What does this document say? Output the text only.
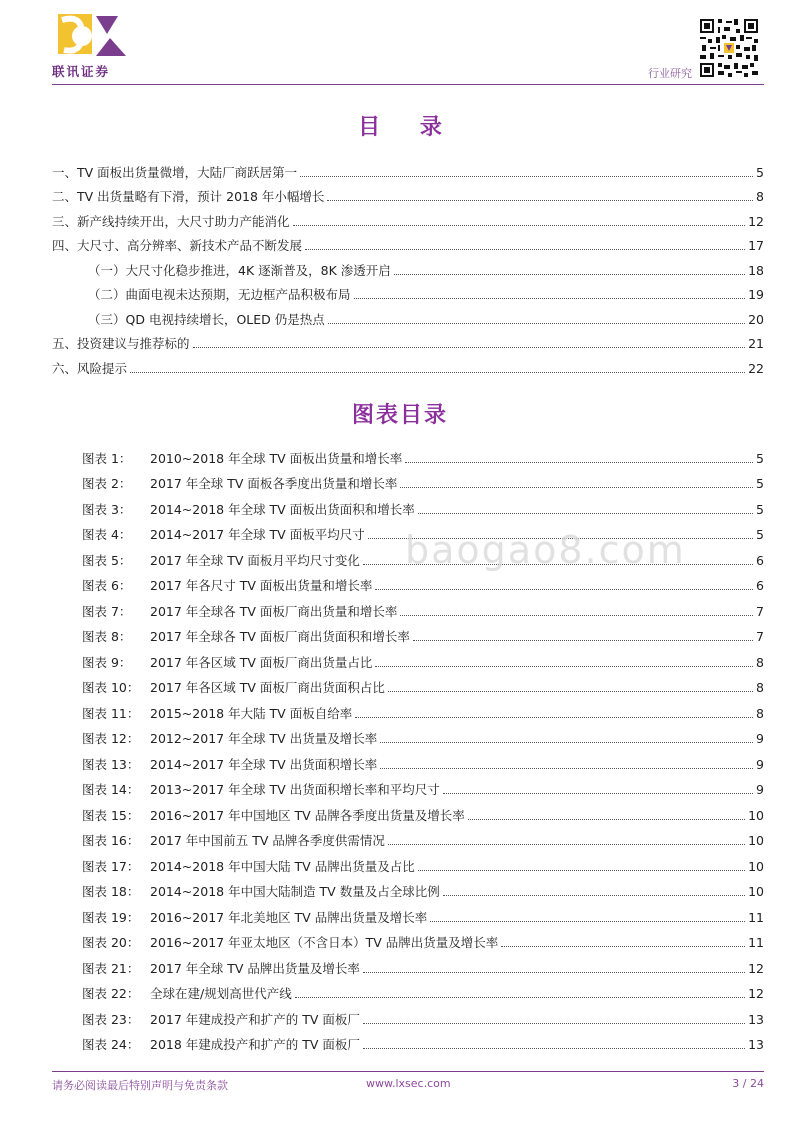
联讯证券	行业研究
目 录
一、TV 面板出货量微增，大陆厂商跃居第一	5
二、TV 出货量略有下滑，预计 2018 年小幅增长	8
三、新产线持续开出，大尺寸助力产能消化	12
四、大尺寸、高分辨率、新技术产品不断发展	17
（一）大尺寸化稳步推进，4K 逐渐普及，8K 渗透开启	18
（二）曲面电视未达预期，无边框产品积极布局	19
（三）QD 电视持续增长，OLED 仍是热点	20
五、投资建议与推荐标的	21
六、风险提示	22
图表目录
图表 1：	2010~2018 年全球 TV 面板出货量和增长率	5
图表 2：	2017 年全球 TV 面板各季度出货量和增长率	5
图表 3：	2014~2018 年全球 TV 面板出货面积和增长率	5
图表 4：	2014~2017 年全球 TV 面板平均尺寸	5
图表 5：	2017 年全球 TV 面板月平均尺寸变化	6
图表 6：	2017 年各尺寸 TV 面板出货量和增长率	6
图表 7：	2017 年全球各 TV 面板厂商出货量和增长率	7
图表 8：	2017 年全球各 TV 面板厂商出货面积和增长率	7
图表 9：	2017 年各区域 TV 面板厂商出货量占比	8
图表 10： 2017 年各区域 TV 面板厂商出货面积占比	8
图表 11： 2015~2018 年大陆 TV 面板自给率	8
图表 12： 2012~2017 年全球 TV 出货量及增长率	9
图表 13： 2014~2017 年全球 TV 出货面积增长率	9
图表 14： 2013~2017 年全球 TV 出货面积增长率和平均尺寸	9
图表 15： 2016~2017 年中国地区 TV 品牌各季度出货量及增长率	10
图表 16： 2017 年中国前五 TV 品牌各季度供需情况	10
图表 17： 2014~2018 年中国大陆 TV 品牌出货量及占比	10
图表 18： 2014~2018 年中国大陆制造 TV 数量及占全球比例	10
图表 19： 2016~2017 年北美地区 TV 品牌出货量及增长率	11
图表 20： 2016~2017 年亚太地区（不含日本）TV 品牌出货量及增长率	11
图表 21： 2017 年全球 TV 品牌出货量及增长率	12
图表 22： 全球在建/规划高世代产线	12
图表 23： 2017 年建成投产和扩产的 TV 面板厂	13
图表 24： 2018 年建成投产和扩产的 TV 面板厂	13
baogao8.com
请务必阅读最后特别声明与免责条款	www.lxsec.com	3 / 24
